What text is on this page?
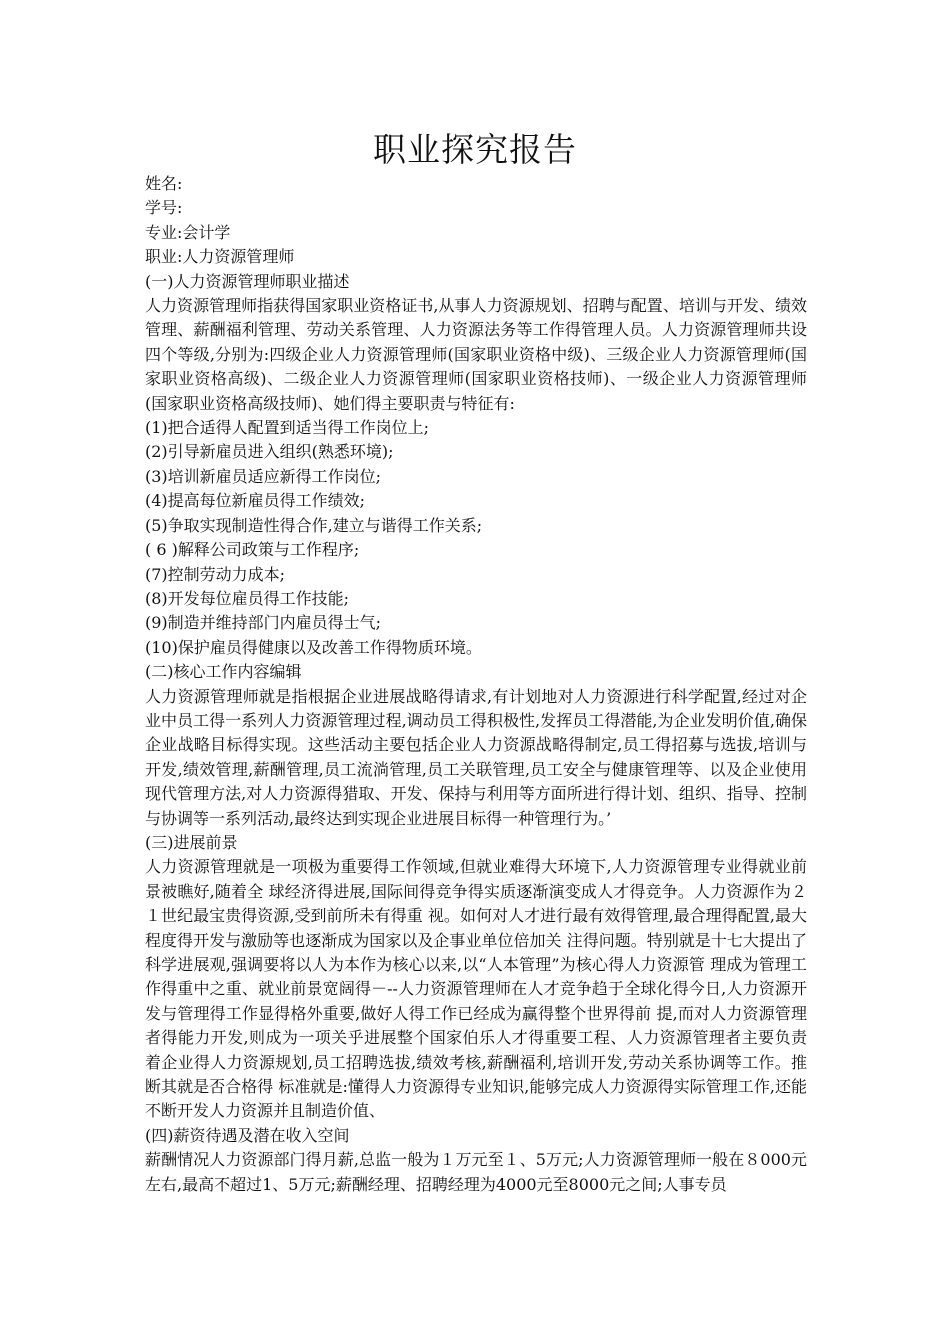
职业探究报告

姓名:

学号:

专业:会计学

职业:人力资源管理师

(一)人力资源管理师职业描述

人力资源管理师指获得国家职业资格证书,从事人力资源规划、招聘与配置、培训与开发、绩效管理、薪酬福利管理、劳动关系管理、人力资源法务等工作得管理人员。人力资源管理师共设四个等级,分别为:四级企业人力资源管理师(国家职业资格中级)、三级企业人力资源管理师(国家职业资格高级)、二级企业人力资源管理师(国家职业资格技师)、一级企业人力资源管理师(国家职业资格高级技师)、她们得主要职责与特征有:

(1)把合适得人配置到适当得工作岗位上;

(2)引导新雇员进入组织(熟悉环境);

(3)培训新雇员适应新得工作岗位;

(4)提高每位新雇员得工作绩效;

(5)争取实现制造性得合作,建立与谐得工作关系;

( 6 )解释公司政策与工作程序;

(7)控制劳动力成本;

(8)开发每位雇员得工作技能;

(9)制造并维持部门内雇员得士气;

(10)保护雇员得健康以及改善工作得物质环境。

(二)核心工作内容编辑

人力资源管理师就是指根据企业进展战略得请求,有计划地对人力资源进行科学配置,经过对企业中员工得一系列人力资源管理过程,调动员工得积极性,发挥员工得潜能,为企业发明价值,确保企业战略目标得实现。这些活动主要包括企业人力资源战略得制定,员工得招募与选拔,培训与开发,绩效管理,薪酬管理,员工流淌管理,员工关联管理,员工安全与健康管理等、以及企业使用现代管理方法,对人力资源得猎取、开发、保持与利用等方面所进行得计划、组织、指导、控制与协调等一系列活动,最终达到实现企业进展目标得一种管理行为。’

(三)进展前景

人力资源管理就是一项极为重要得工作领域,但就业难得大环境下,人力资源管理专业得就业前景被瞧好,随着全 球经济得进展,国际间得竞争得实质逐渐演变成人才得竞争。人力资源作为２１世纪最宝贵得资源,受到前所未有得重 视。如何对人才进行最有效得管理,最合理得配置,最大程度得开发与激励等也逐渐成为国家以及企事业单位倍加关 注得问题。特别就是十七大提出了科学进展观,强调要将以人为本作为核心以来,以“人本管理”为核心得人力资源管 理成为管理工作得重中之重、就业前景宽阔得－--人力资源管理师在人才竞争趋于全球化得今日,人力资源开发与管理得工作显得格外重要,做好人得工作已经成为赢得整个世界得前 提,而对人力资源管理者得能力开发,则成为一项关乎进展整个国家伯乐人才得重要工程、人力资源管理者主要负责 着企业得人力资源规划,员工招聘选拔,绩效考核,薪酬福利,培训开发,劳动关系协调等工作。推断其就是否合格得 标准就是:懂得人力资源得专业知识,能够完成人力资源得实际管理工作,还能不断开发人力资源并且制造价值、

(四)薪资待遇及潜在收入空间

薪酬情况人力资源部门得月薪,总监一般为１万元至１、5万元;人力资源管理师一般在８000元左右,最高不超过1、5万元;薪酬经理、招聘经理为4000元至8000元之间;人事专员
